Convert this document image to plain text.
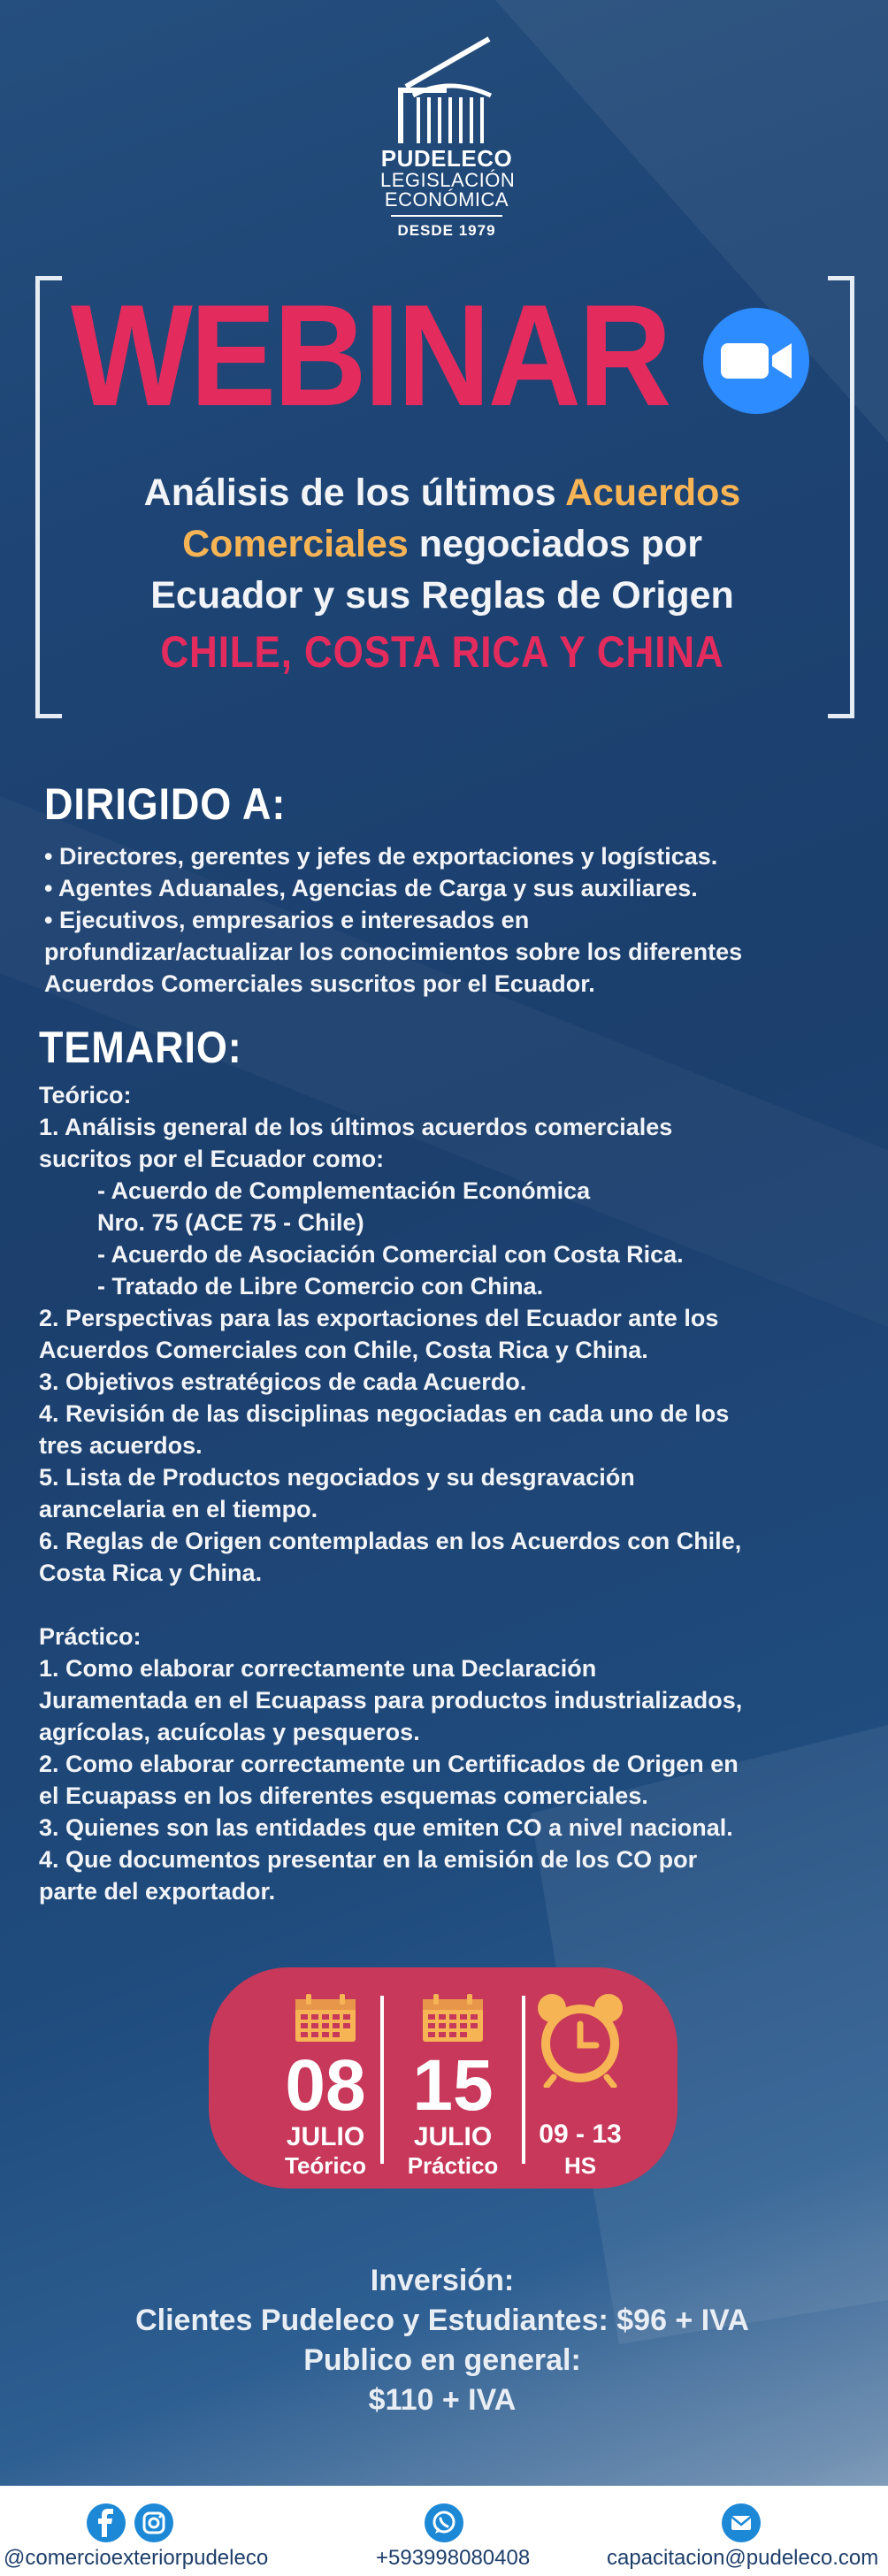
PUDELECO
LEGISLACIÓN
ECONÓMICA
DESDE 1979
WEBINAR
Análisis de los últimos Acuerdos
Comerciales negociados por
Ecuador y sus Reglas de Origen
CHILE, COSTA RICA Y CHINA
DIRIGIDO A:
• Directores, gerentes y jefes de exportaciones y logísticas.
• Agentes Aduanales, Agencias de Carga y sus auxiliares.
• Ejecutivos, empresarios e interesados en
profundizar/actualizar los conocimientos sobre los diferentes
Acuerdos Comerciales suscritos por el Ecuador.
TEMARIO:
Teórico:
1. Análisis general de los últimos acuerdos comerciales
sucritos por el Ecuador como:
- Acuerdo de Complementación Económica
Nro. 75 (ACE 75 - Chile)
- Acuerdo de Asociación Comercial con Costa Rica.
- Tratado de Libre Comercio con China.
2. Perspectivas para las exportaciones del Ecuador ante los
Acuerdos Comerciales con Chile, Costa Rica y China.
3. Objetivos estratégicos de cada Acuerdo.
4. Revisión de las disciplinas negociadas en cada uno de los
tres acuerdos.
5. Lista de Productos negociados y su desgravación
arancelaria en el tiempo.
6. Reglas de Origen contempladas en los Acuerdos con Chile,
Costa Rica y China.
Práctico:
1. Como elaborar correctamente una Declaración
Juramentada en el Ecuapass para productos industrializados,
agrícolas, acuícolas y pesqueros.
2. Como elaborar correctamente un Certificados de Origen en
el Ecuapass en los diferentes esquemas comerciales.
3. Quienes son las entidades que emiten CO a nivel nacional.
4. Que documentos presentar en la emisión de los CO por
parte del exportador.
08
JULIO
Teórico
15
JULIO
Práctico
09 - 13
HS
Inversión:
Clientes Pudeleco y Estudiantes: $96 + IVA
Publico en general:
$110 + IVA
@comercioexteriorpudeleco	+593998080408	capacitacion@pudeleco.com
